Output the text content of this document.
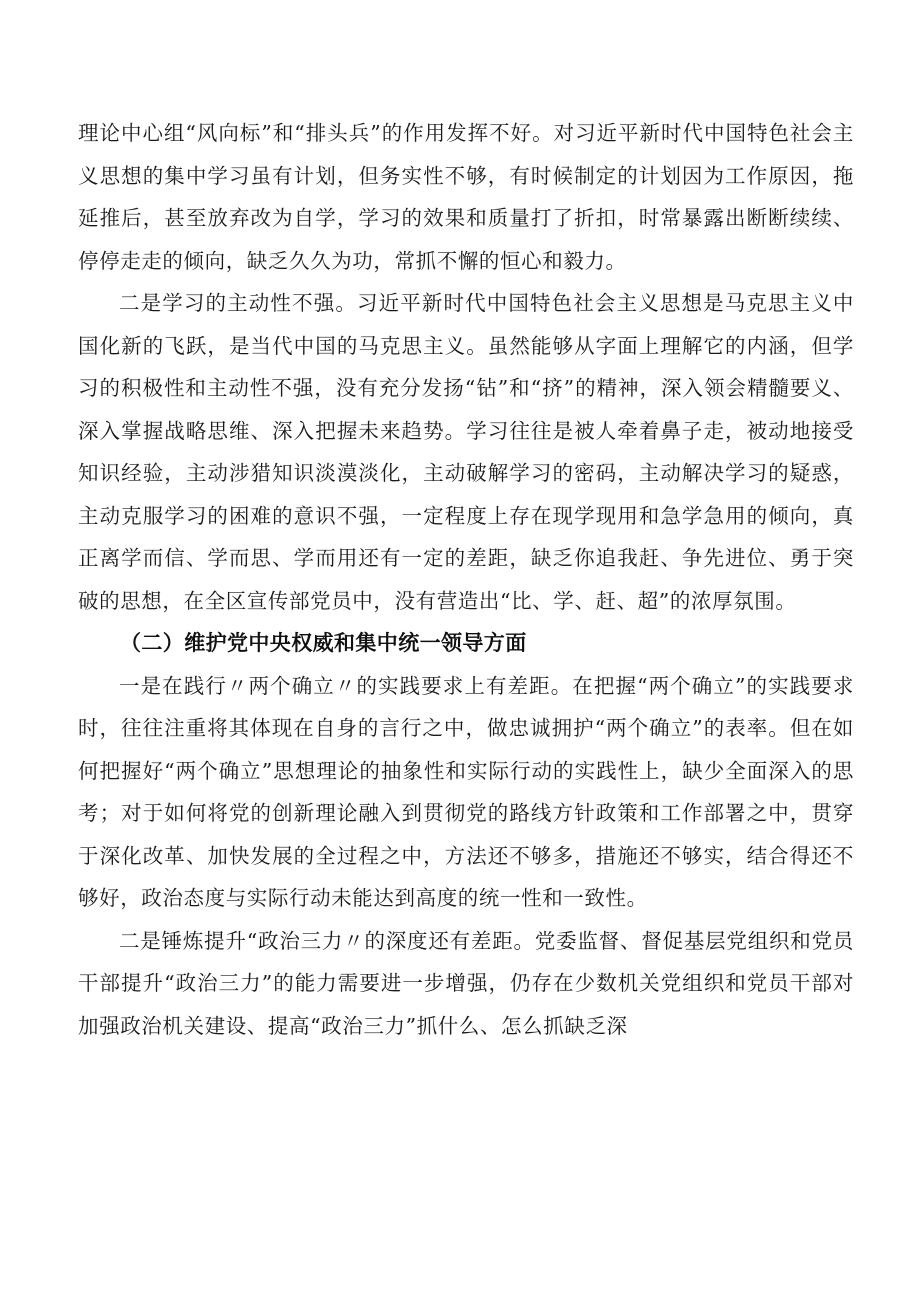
理论中心组“风向标”和“排头兵”的作用发挥不好。对习近平新时代中国特色社会主义思想的集中学习虽有计划，但务实性不够，有时候制定的计划因为工作原因，拖延推后，甚至放弃改为自学，学习的效果和质量打了折扣，时常暴露出断断续续、停停走走的倾向，缺乏久久为功，常抓不懈的恒心和毅力。

二是学习的主动性不强。习近平新时代中国特色社会主义思想是马克思主义中国化新的飞跃，是当代中国的马克思主义。虽然能够从字面上理解它的内涵，但学习的积极性和主动性不强，没有充分发扬“钻”和“挤”的精神，深入领会精髓要义、深入掌握战略思维、深入把握未来趋势。学习往往是被人牵着鼻子走，被动地接受知识经验，主动涉猎知识淡漠淡化，主动破解学习的密码，主动解决学习的疑惑，主动克服学习的困难的意识不强，一定程度上存在现学现用和急学急用的倾向，真正离学而信、学而思、学而用还有一定的差距，缺乏你追我赶、争先进位、勇于突破的思想，在全区宣传部党员中，没有营造出“比、学、赶、超”的浓厚氛围。

（二）维护党中央权威和集中统一领导方面

一是在践行〃两个确立〃的实践要求上有差距。在把握“两个确立”的实践要求时，往往注重将其体现在自身的言行之中，做忠诚拥护“两个确立”的表率。但在如何把握好“两个确立”思想理论的抽象性和实际行动的实践性上，缺少全面深入的思考；对于如何将党的创新理论融入到贯彻党的路线方针政策和工作部署之中，贯穿于深化改革、加快发展的全过程之中，方法还不够多，措施还不够实，结合得还不够好，政治态度与实际行动未能达到高度的统一性和一致性。

二是锤炼提升“政治三力〃的深度还有差距。党委监督、督促基层党组织和党员干部提升“政治三力”的能力需要进一步增强，仍存在少数机关党组织和党员干部对加强政治机关建设、提高“政治三力”抓什么、怎么抓缺乏深
